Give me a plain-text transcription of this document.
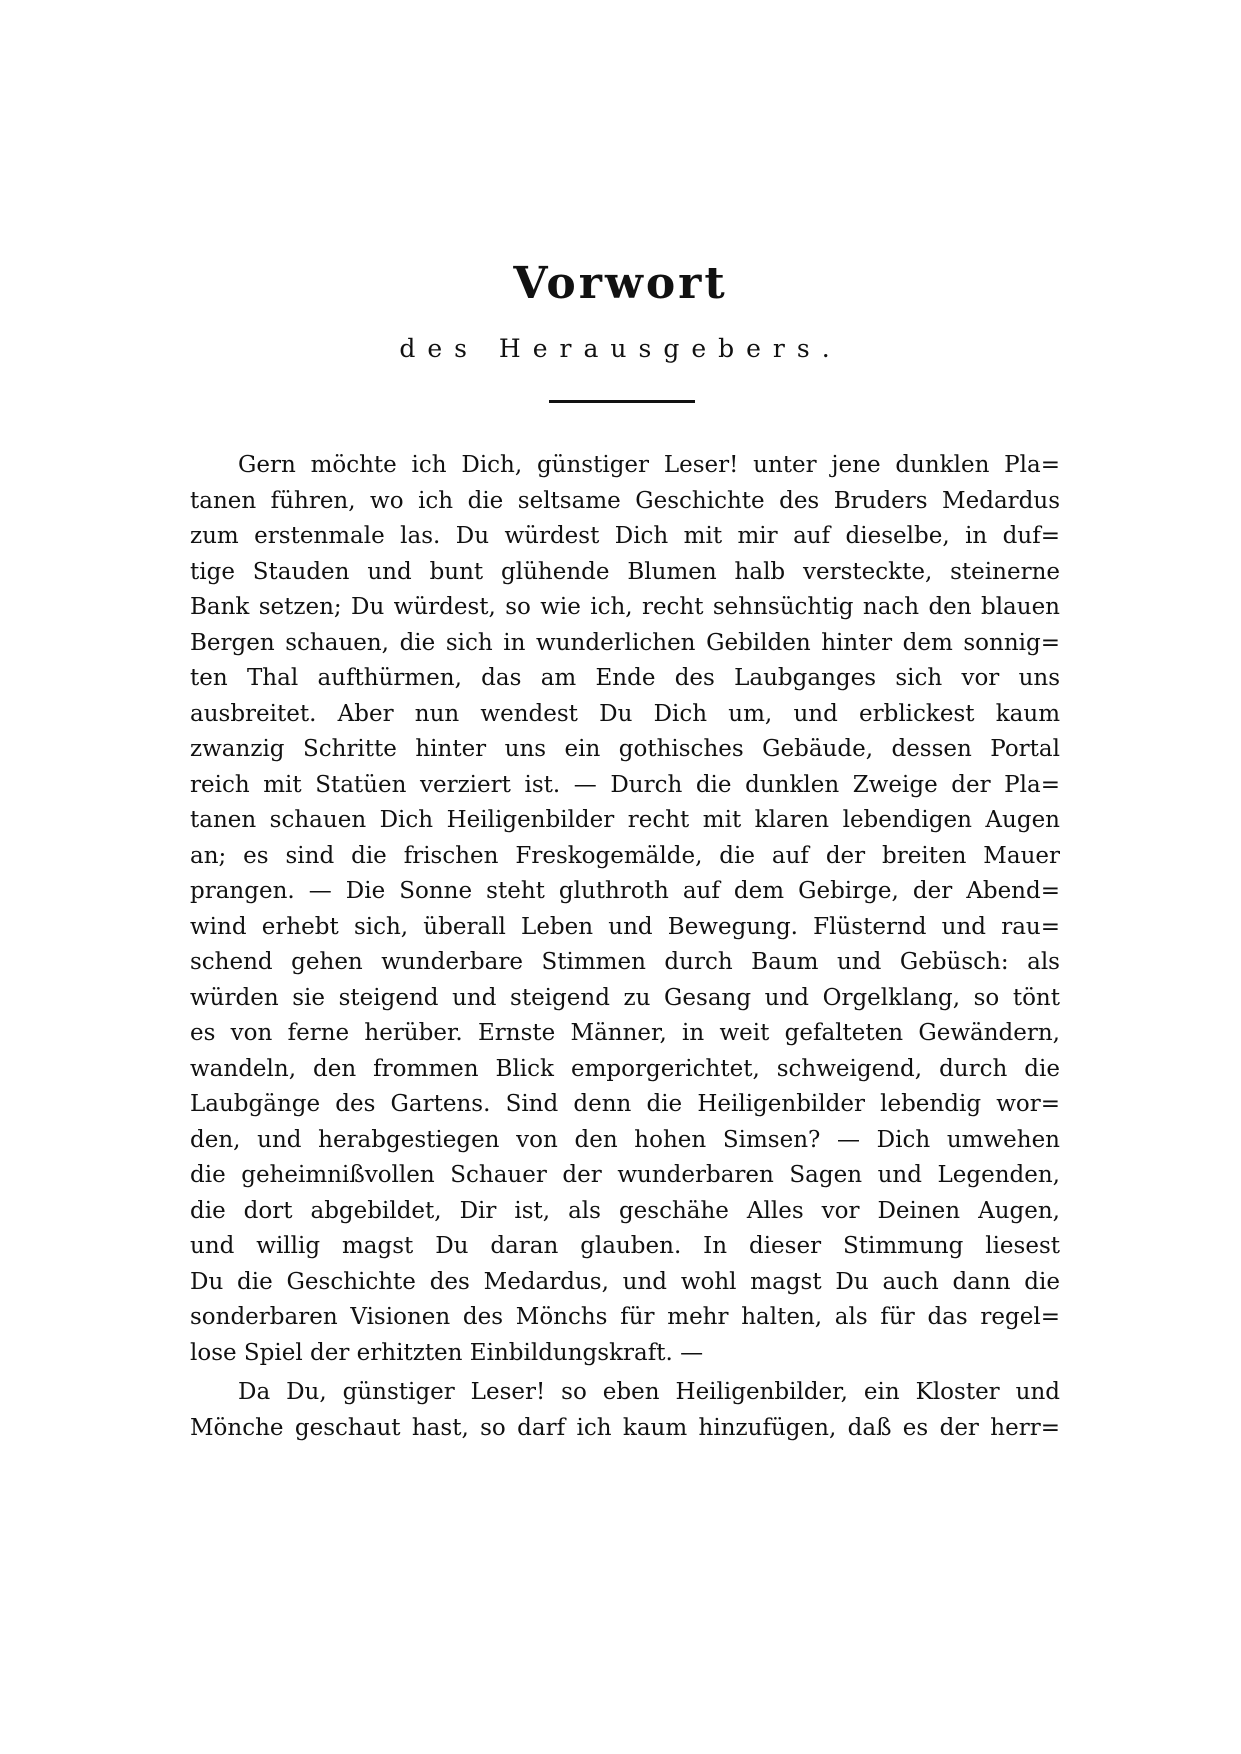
Vorwort
des Herausgebers.
Gern möchte ich Dich, günstiger Leser! unter jene dunklen Pla=
tanen führen, wo ich die seltsame Geschichte des Bruders Medardus
zum erstenmale las. Du würdest Dich mit mir auf dieselbe, in duf=
tige Stauden und bunt glühende Blumen halb versteckte, steinerne
Bank setzen; Du würdest, so wie ich, recht sehnsüchtig nach den blauen
Bergen schauen, die sich in wunderlichen Gebilden hinter dem sonnig=
ten Thal aufthürmen, das am Ende des Laubganges sich vor uns
ausbreitet. Aber nun wendest Du Dich um, und erblickest kaum
zwanzig Schritte hinter uns ein gothisches Gebäude, dessen Portal
reich mit Statüen verziert ist. — Durch die dunklen Zweige der Pla=
tanen schauen Dich Heiligenbilder recht mit klaren lebendigen Augen
an; es sind die frischen Freskogemälde, die auf der breiten Mauer
prangen. — Die Sonne steht gluthroth auf dem Gebirge, der Abend=
wind erhebt sich, überall Leben und Bewegung. Flüsternd und rau=
schend gehen wunderbare Stimmen durch Baum und Gebüsch: als
würden sie steigend und steigend zu Gesang und Orgelklang, so tönt
es von ferne herüber. Ernste Männer, in weit gefalteten Gewändern,
wandeln, den frommen Blick emporgerichtet, schweigend, durch die
Laubgänge des Gartens. Sind denn die Heiligenbilder lebendig wor=
den, und herabgestiegen von den hohen Simsen? — Dich umwehen
die geheimnißvollen Schauer der wunderbaren Sagen und Legenden,
die dort abgebildet, Dir ist, als geschähe Alles vor Deinen Augen,
und willig magst Du daran glauben. In dieser Stimmung liesest
Du die Geschichte des Medardus, und wohl magst Du auch dann die
sonderbaren Visionen des Mönchs für mehr halten, als für das regel=
lose Spiel der erhitzten Einbildungskraft. —
Da Du, günstiger Leser! so eben Heiligenbilder, ein Kloster und
Mönche geschaut hast, so darf ich kaum hinzufügen, daß es der herr=
